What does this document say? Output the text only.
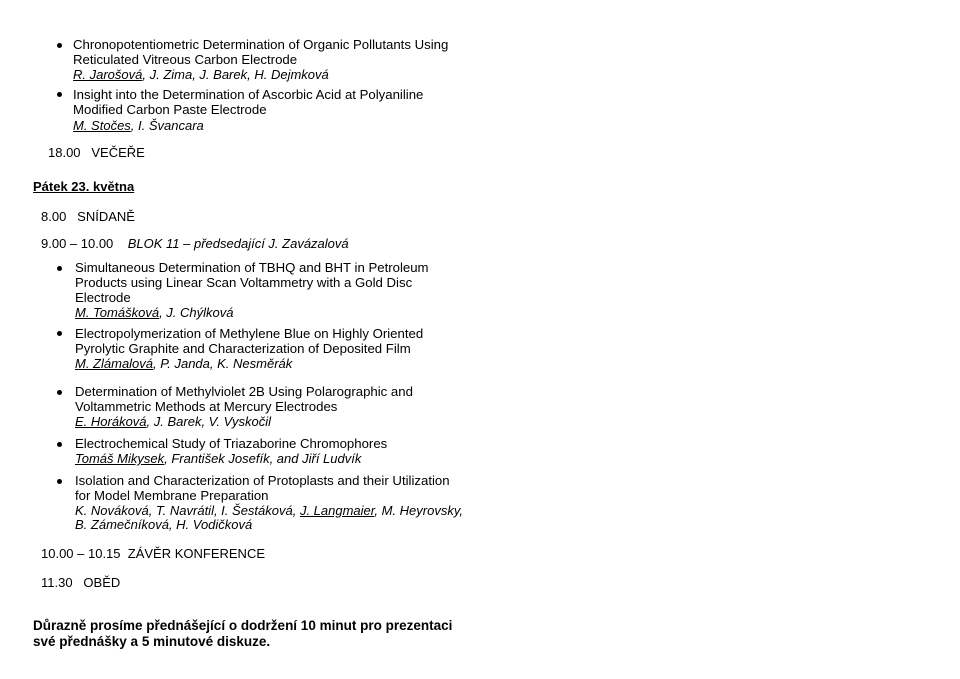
Chronopotentiometric Determination of Organic Pollutants Using
Reticulated Vitreous Carbon Electrode
R. Jarošová, J. Zima, J. Barek, H. Dejmková
Insight into the Determination of Ascorbic Acid at Polyaniline
Modified Carbon Paste Electrode
M. Stočes, I. Švancara
18.00 VEČEŘE
Pátek 23. května
8.00 SNÍDANĚ
9.00 – 10.00 BLOK 11 – předsedající J. Zavázalová
Simultaneous Determination of TBHQ and BHT in Petroleum
Products using Linear Scan Voltammetry with a Gold Disc
Electrode
M. Tomášková, J. Chýlková
Electropolymerization of Methylene Blue on Highly Oriented
Pyrolytic Graphite and Characterization of Deposited Film
M. Zlámalová, P. Janda, K. Nesměrák
Determination of Methylviolet 2B Using Polarographic and
Voltammetric Methods at Mercury Electrodes
E. Horáková, J. Barek, V. Vyskočil
Electrochemical Study of Triazaborine Chromophores
Tomáš Mikysek, František Josefík, and Jiří Ludvík
Isolation and Characterization of Protoplasts and their Utilization
for Model Membrane Preparation
K. Nováková, T. Navrátil, I. Šestáková, J. Langmaier, M. Heyrovsky,
B. Zámečníková, H. Vodičková
10.00 – 10.15 ZÁVĚR KONFERENCE
11.30 OBĚD
Důrazně prosíme přednášející o dodržení 10 minut pro prezentaci
své přednášky a 5 minutové diskuze.
